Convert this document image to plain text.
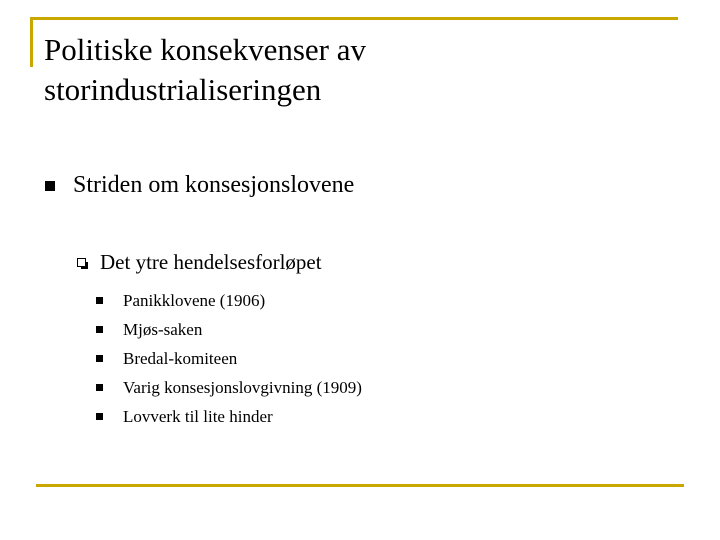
Politiske konsekvenser av
storindustrialiseringen
Striden om konsesjonslovene
Det ytre hendelsesforløpet
Panikklovene (1906)
Mjøs-saken
Bredal-komiteen
Varig konsesjonslovgivning (1909)
Lovverk til lite hinder
